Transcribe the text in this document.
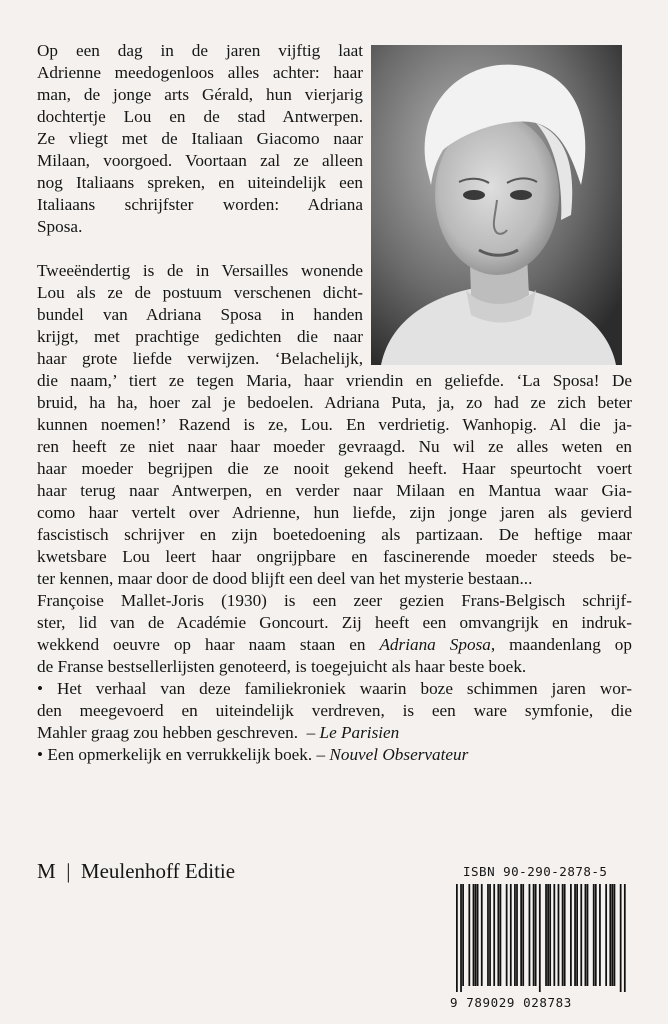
Op een dag in de jaren vijftig laat
Adrienne meedogenloos alles achter: haar
man, de jonge arts Gérald, hun vierjarig
dochtertje Lou en de stad Antwerpen.
Ze vliegt met de Italiaan Giacomo naar
Milaan, voorgoed. Voortaan zal ze alleen
nog Italiaans spreken, en uiteindelijk een
Italiaans schrijfster worden: Adriana
Sposa.
Tweeëndertig is de in Versailles wonende
Lou als ze de postuum verschenen dicht-
bundel van Adriana Sposa in handen
krijgt, met prachtige gedichten die naar
haar grote liefde verwijzen. ‘Belachelijk,
die naam,’ tiert ze tegen Maria, haar vriendin en geliefde. ‘La Sposa! De
bruid, ha ha, hoer zal je bedoelen. Adriana Puta, ja, zo had ze zich beter
kunnen noemen!’ Razend is ze, Lou. En verdrietig. Wanhopig. Al die ja-
ren heeft ze niet naar haar moeder gevraagd. Nu wil ze alles weten en
haar moeder begrijpen die ze nooit gekend heeft. Haar speurtocht voert
haar terug naar Antwerpen, en verder naar Milaan en Mantua waar Gia-
como haar vertelt over Adrienne, hun liefde, zijn jonge jaren als gevierd
fascistisch schrijver en zijn boetedoening als partizaan. De heftige maar
kwetsbare Lou leert haar ongrijpbare en fascinerende moeder steeds be-
ter kennen, maar door de dood blijft een deel van het mysterie bestaan...
Françoise Mallet-Joris (1930) is een zeer gezien Frans-Belgisch schrijf-
ster, lid van de Académie Goncourt. Zij heeft een omvangrijk en indruk-
wekkend oeuvre op haar naam staan en Adriana Sposa, maandenlang op
de Franse bestsellerlijsten genoteerd, is toegejuicht als haar beste boek.
• Het verhaal van deze familiekroniek waarin boze schimmen jaren wor-
den meegevoerd en uiteindelijk verdreven, is een ware symfonie, die
Mahler graag zou hebben geschreven. – Le Parisien
• Een opmerkelijk en verrukkelijk boek. – Nouvel Observateur
M | Meulenhoff Editie	ISBN 90-290-2878-5
9 789029 028783
